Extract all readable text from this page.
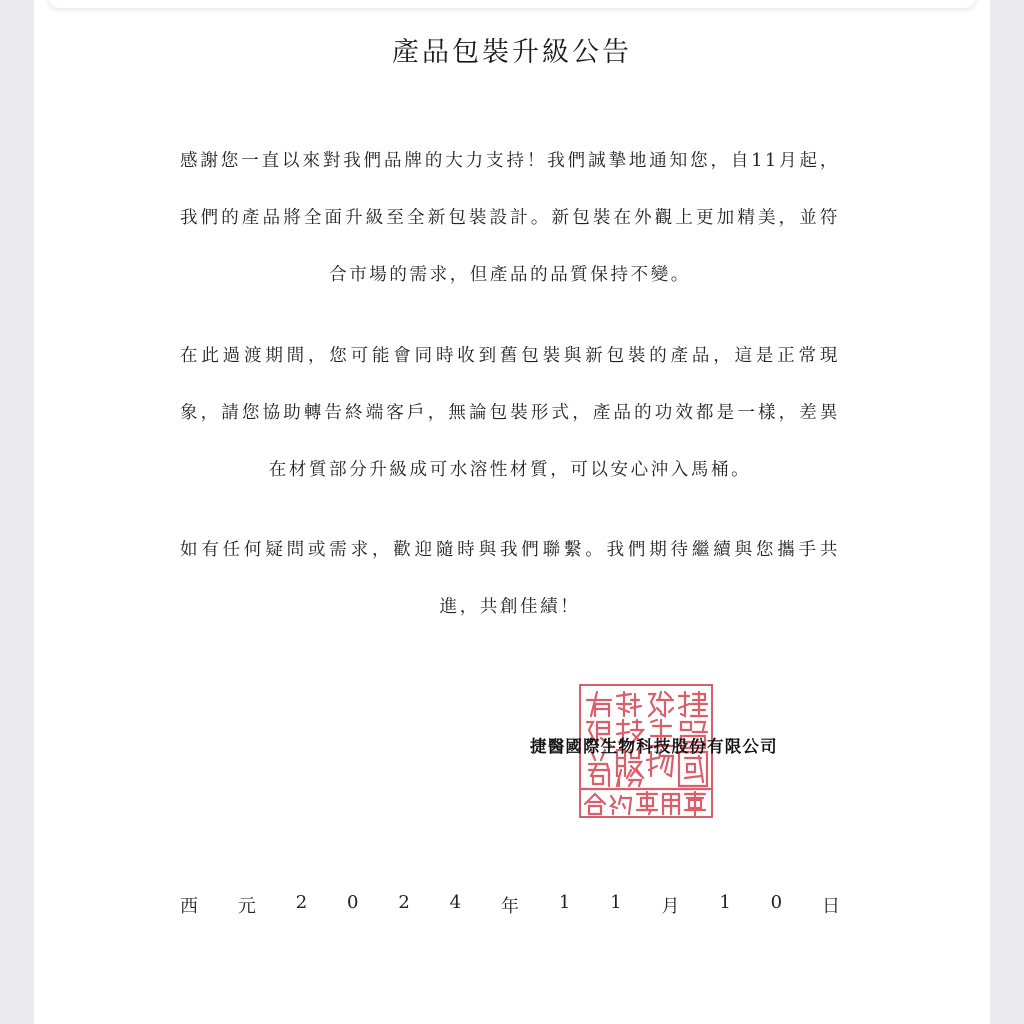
產品包裝升級公告

感謝您一直以來對我們品牌的大力支持！我們誠摯地通知您，自11月起，我們的產品將全面升級至全新包裝設計。新包裝在外觀上更加精美，並符合市場的需求，但產品的品質保持不變。

在此過渡期間，您可能會同時收到舊包裝與新包裝的產品，這是正常現象，請您協助轉告終端客戶，無論包裝形式，產品的功效都是一樣，差異在材質部分升級成可水溶性材質，可以安心沖入馬桶。

如有任何疑問或需求，歡迎隨時與我們聯繫。我們期待繼續與您攜手共進，共創佳績！

捷醫國際生物科技股份有限公司

西 元 2 0 2 4 年 1 1 月 1 0 日
